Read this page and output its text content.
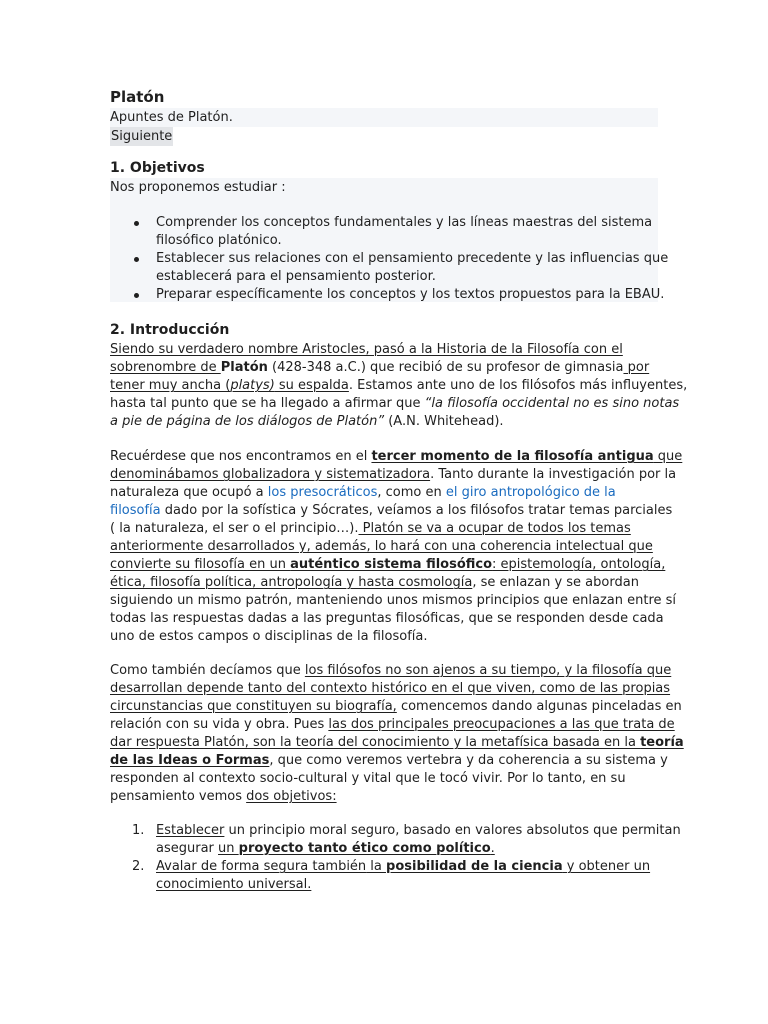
Platón
Apuntes de Platón.
Siguiente
1. Objetivos
Nos proponemos estudiar :
Comprender los conceptos fundamentales y las líneas maestras del sistema
filosófico platónico.
Establecer sus relaciones con el pensamiento precedente y las influencias que
establecerá para el pensamiento posterior.
Preparar específicamente los conceptos y los textos propuestos para la EBAU.
2. Introducción
Siendo su verdadero nombre Aristocles, pasó a la Historia de la Filosofía con el
sobrenombre de Platón (428-348 a.C.) que recibió de su profesor de gimnasia por
tener muy ancha (platys) su espalda. Estamos ante uno de los filósofos más influyentes,
hasta tal punto que se ha llegado a afirmar que “la filosofía occidental no es sino notas
a pie de página de los diálogos de Platón” (A.N. Whitehead).
Recuérdese que nos encontramos en el tercer momento de la filosofía antigua que
denominábamos globalizadora y sistematizadora. Tanto durante la investigación por la
naturaleza que ocupó a los presocráticos, como en el giro antropológico de la
filosofía dado por la sofística y Sócrates, veíamos a los filósofos tratar temas parciales
( la naturaleza, el ser o el principio…). Platón se va a ocupar de todos los temas
anteriormente desarrollados y, además, lo hará con una coherencia intelectual que
convierte su filosofía en un auténtico sistema filosófico: epistemología, ontología,
ética, filosofía política, antropología y hasta cosmología, se enlazan y se abordan
siguiendo un mismo patrón, manteniendo unos mismos principios que enlazan entre sí
todas las respuestas dadas a las preguntas filosóficas, que se responden desde cada
uno de estos campos o disciplinas de la filosofía.
Como también decíamos que los filósofos no son ajenos a su tiempo, y la filosofía que
desarrollan depende tanto del contexto histórico en el que viven, como de las propias
circunstancias que constituyen su biografía, comencemos dando algunas pinceladas en
relación con su vida y obra. Pues las dos principales preocupaciones a las que trata de
dar respuesta Platón, son la teoría del conocimiento y la metafísica basada en la teoría
de las Ideas o Formas, que como veremos vertebra y da coherencia a su sistema y
responden al contexto socio-cultural y vital que le tocó vivir. Por lo tanto, en su
pensamiento vemos dos objetivos:
1. Establecer un principio moral seguro, basado en valores absolutos que permitan
asegurar un proyecto tanto ético como político.
2. Avalar de forma segura también la posibilidad de la ciencia y obtener un
conocimiento universal.
